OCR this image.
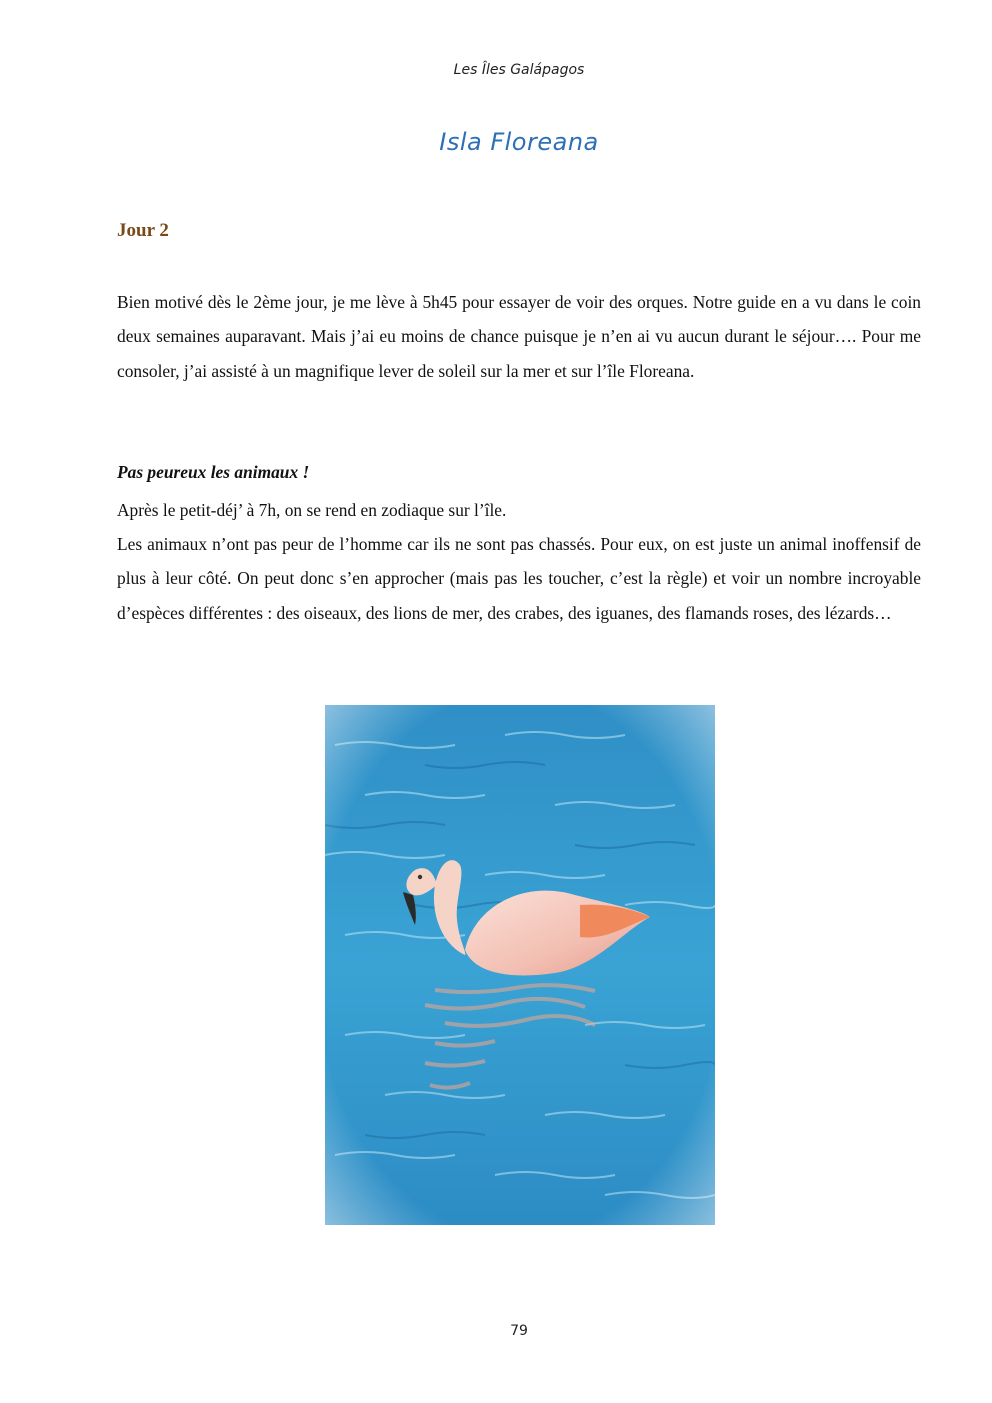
Les Îles Galápagos
Isla Floreana
Jour 2

Bien motivé dès le 2ème jour, je me lève à 5h45 pour essayer de voir des orques. Notre guide en a vu dans le coin deux semaines auparavant. Mais j’ai eu moins de chance puisque je n’en ai vu aucun durant le séjour…. Pour me consoler, j’ai assisté à un magnifique lever de soleil sur la mer et sur l’île Floreana.

Pas peureux les animaux !

Après le petit-déj’ à 7h, on se rend en zodiaque sur l’île.

Les animaux n’ont pas peur de l’homme car ils ne sont pas chassés. Pour eux, on est juste un animal inoffensif de plus à leur côté. On peut donc s’en approcher (mais pas les toucher, c’est la règle) et voir un nombre incroyable d’espèces différentes : des oiseaux, des lions de mer, des crabes, des iguanes, des flamands roses, des lézards…

79
